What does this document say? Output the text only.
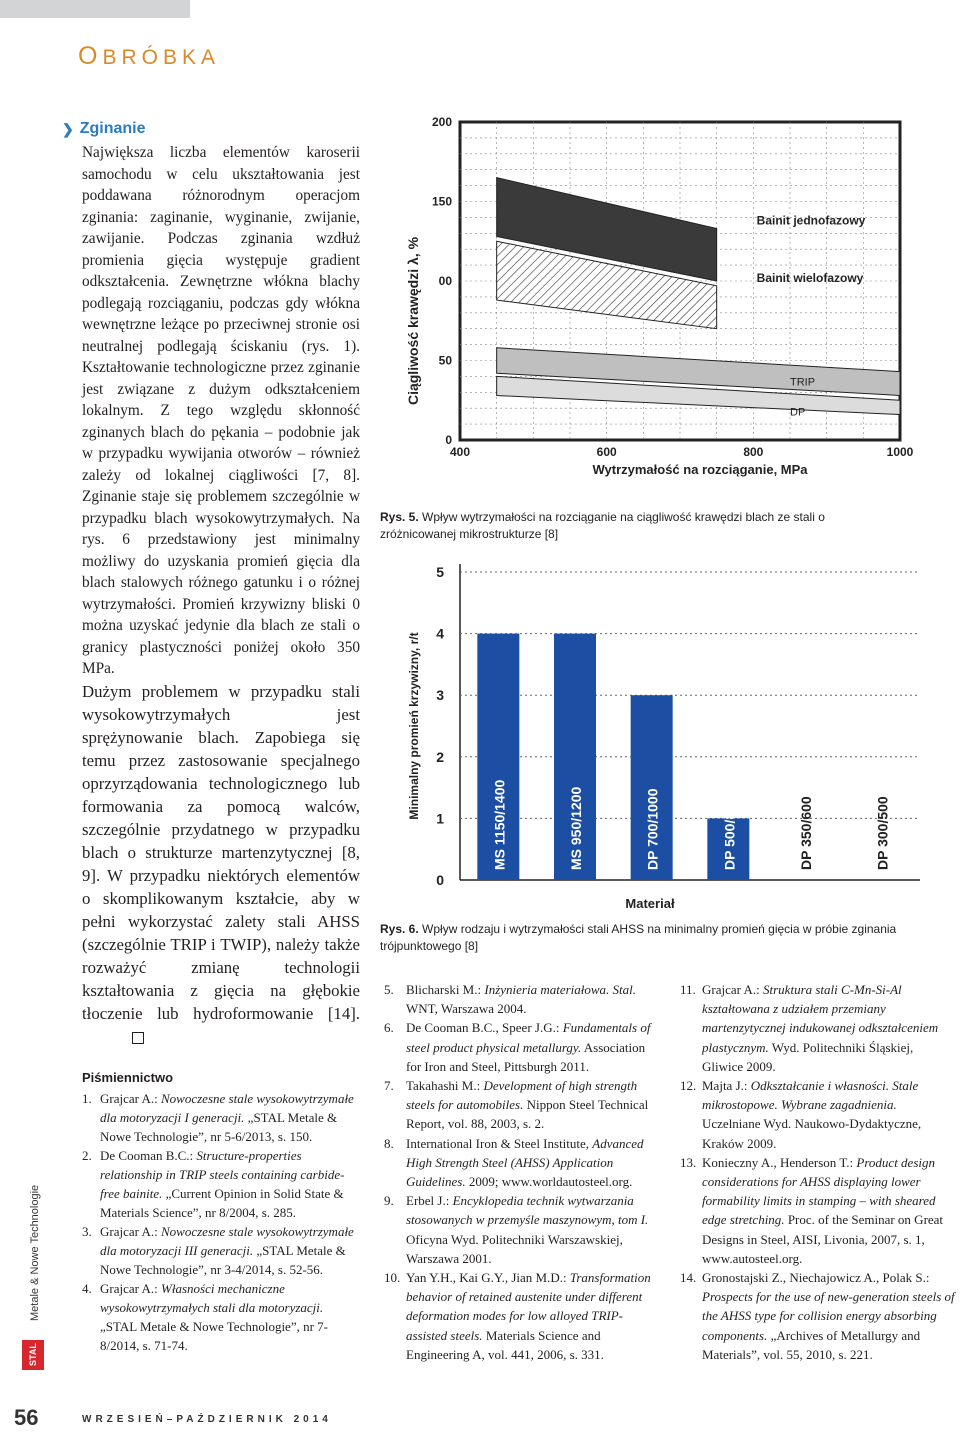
OBRÓBKA
Metale & Nowe Technologie
STAL
❯ Zginanie

Największa liczba elementów karoserii samochodu w celu ukształtowania jest poddawana różnorodnym operacjom zginania: zaginanie, wyginanie, zwijanie, zawijanie. Podczas zginania wzdłuż promienia gięcia występuje gradient odkształcenia. Zewnętrzne włókna blachy podlegają rozciąganiu, podczas gdy włókna wewnętrzne leżące po przeciwnej stronie osi neutralnej podlegają ściskaniu (rys. 1). Kształtowanie technologiczne przez zginanie jest związane z dużym odkształceniem lokalnym. Z tego względu skłonność zginanych blach do pękania – podobnie jak w przypadku wywijania otworów – również zależy od lokalnej ciągliwości [7, 8]. Zginanie staje się problemem szczególnie w przypadku blach wysokowytrzymałych. Na rys. 6 przedstawiony jest minimalny możliwy do uzyskania promień gięcia dla blach stalowych różnego gatunku i o różnej wytrzymałości. Promień krzywizny bliski 0 można uzyskać jedynie dla blach ze stali o granicy plastyczności poniżej około 350 MPa.

Dużym problemem w przypadku stali wysokowytrzymałych jest sprężynowanie blach. Zapobiega się temu przez zastosowanie specjalnego oprzyrządowania technologicznego lub formowania za pomocą walców, szczególnie przydatnego w przypadku blach o strukturze martenzytycznej [8, 9]. W przypadku niektórych elementów o skomplikowanym kształcie, aby w pełni wykorzystać zalety stali AHSS (szczególnie TRIP i TWIP), należy także rozważyć zmianę technologii kształtowania z gięcia na głębokie tłoczenie lub hydroformowanie [14].

Piśmiennictwo
1. Grajcar A.: Nowoczesne stale wysokowytrzymałe dla motoryzacji I generacji. „STAL Metale & Nowe Technologie”, nr 5-6/2013, s. 150.
2. De Cooman B.C.: Structure-properties relationship in TRIP steels containing carbide-free bainite. „Current Opinion in Solid State & Materials Science”, nr 8/2004, s. 285.
3. Grajcar A.: Nowoczesne stale wysokowytrzymałe dla motoryzacji III generacji. „STAL Metale & Nowe Technologie”, nr 3-4/2014, s. 52-56.
4. Grajcar A.: Własności mechaniczne wysokowytrzymałych stali dla motoryzacji. „STAL Metale & Nowe Technologie”, nr 7-8/2014, s. 71-74.
Bainit jednofazowy
Bainit wielofazowy
TRIP
DP
400	600	800	1000
0
50
00
150
200
Wytrzymałość na rozciąganie, MPa
Ciągliwość krawędzi λ, %
Rys. 5. Wpływ wytrzymałości na rozciąganie na ciągliwość krawędzi blach ze stali o zróżnicowanej mikrostrukturze [8]
0
1
2
3
4
5
MS 1150/1400	MS 950/1200	DP 700/1000	DP 500/800	DP 350/600	DP 300/500
Materiał
Minimalny promień krzywizny, r/t
Rys. 6. Wpływ rodzaju i wytrzymałości stali AHSS na minimalny promień gięcia w próbie zginania trójpunktowego [8]
5. Blicharski M.: Inżynieria materiałowa. Stal. WNT, Warszawa 2004.
6. De Cooman B.C., Speer J.G.: Fundamentals of steel product physical metallurgy. Association for Iron and Steel, Pittsburgh 2011.
7. Takahashi M.: Development of high strength steels for automobiles. Nippon Steel Technical Report, vol. 88, 2003, s. 2.
8. International Iron & Steel Institute, Advanced High Strength Steel (AHSS) Application Guidelines. 2009; www.worldautosteel.org.
9. Erbel J.: Encyklopedia technik wytwarzania stosowanych w przemyśle maszynowym, tom I. Oficyna Wyd. Politechniki Warszawskiej, Warszawa 2001.
10. Yan Y.H., Kai G.Y., Jian M.D.: Transformation behavior of retained austenite under different deformation modes for low alloyed TRIP-assisted steels. Materials Science and Engineering A, vol. 441, 2006, s. 331.
11. Grajcar A.: Struktura stali C-Mn-Si-Al kształtowana z udziałem przemiany martenzytycznej indukowanej odkształceniem plastycznym. Wyd. Politechniki Śląskiej, Gliwice 2009.
12. Majta J.: Odkształcanie i własności. Stale mikrostopowe. Wybrane zagadnienia. Uczelniane Wyd. Naukowo-Dydaktyczne, Kraków 2009.
13. Konieczny A., Henderson T.: Product design considerations for AHSS displaying lower formability limits in stamping – with sheared edge stretching. Proc. of the Seminar on Great Designs in Steel, AISI, Livonia, 2007, s. 1, www.autosteel.org.
14. Gronostajski Z., Niechajowicz A., Polak S.: Prospects for the use of new-generation steels of the AHSS type for collision energy absorbing components. „Archives of Metallurgy and Materials”, vol. 55, 2010, s. 221.
56	WRZESIEŃ–PAŹDZIERNIK 2014
